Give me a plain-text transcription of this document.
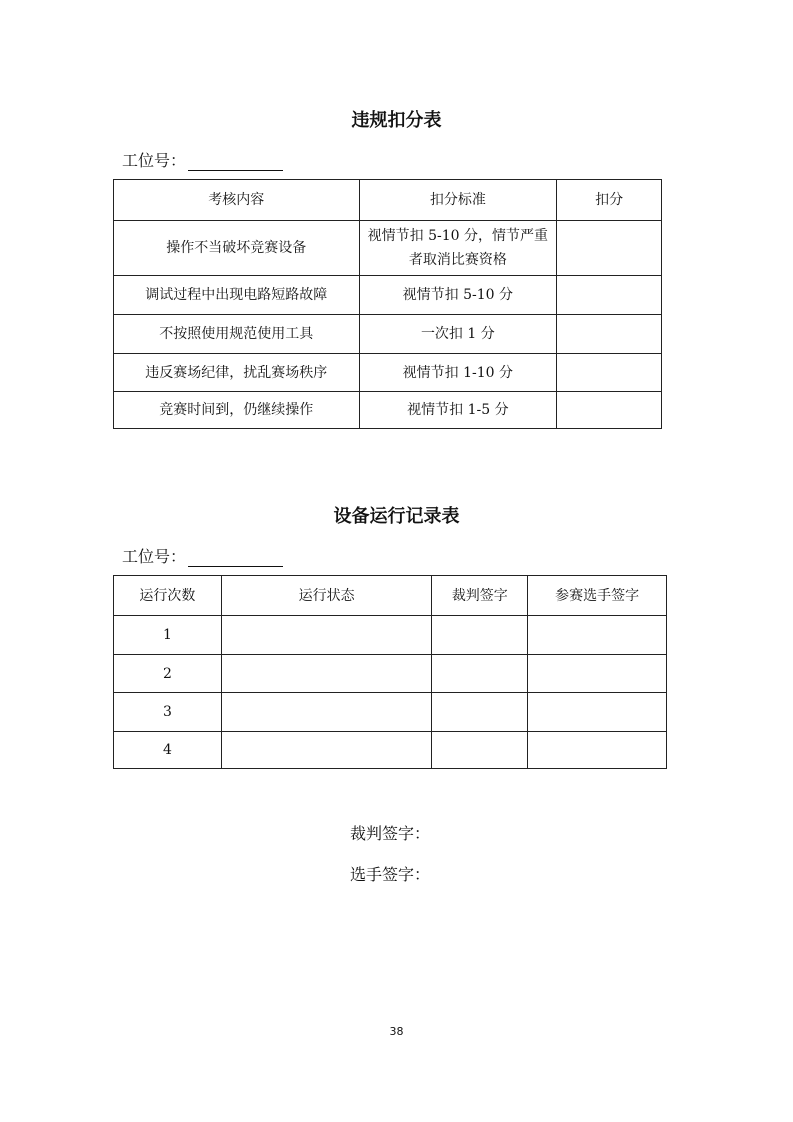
违规扣分表
工位号：
考核内容	扣分标准	扣分
操作不当破坏竞赛设备	视情节扣 5-10 分，情节严重者取消比赛资格	
调试过程中出现电路短路故障	视情节扣 5-10 分	
不按照使用规范使用工具	一次扣 1 分	
违反赛场纪律，扰乱赛场秩序	视情节扣 1-10 分	
竞赛时间到，仍继续操作	视情节扣 1-5 分	
设备运行记录表
工位号：
运行次数	运行状态	裁判签字	参赛选手签字
1			
2			
3			
4			
裁判签字：
选手签字：
38
